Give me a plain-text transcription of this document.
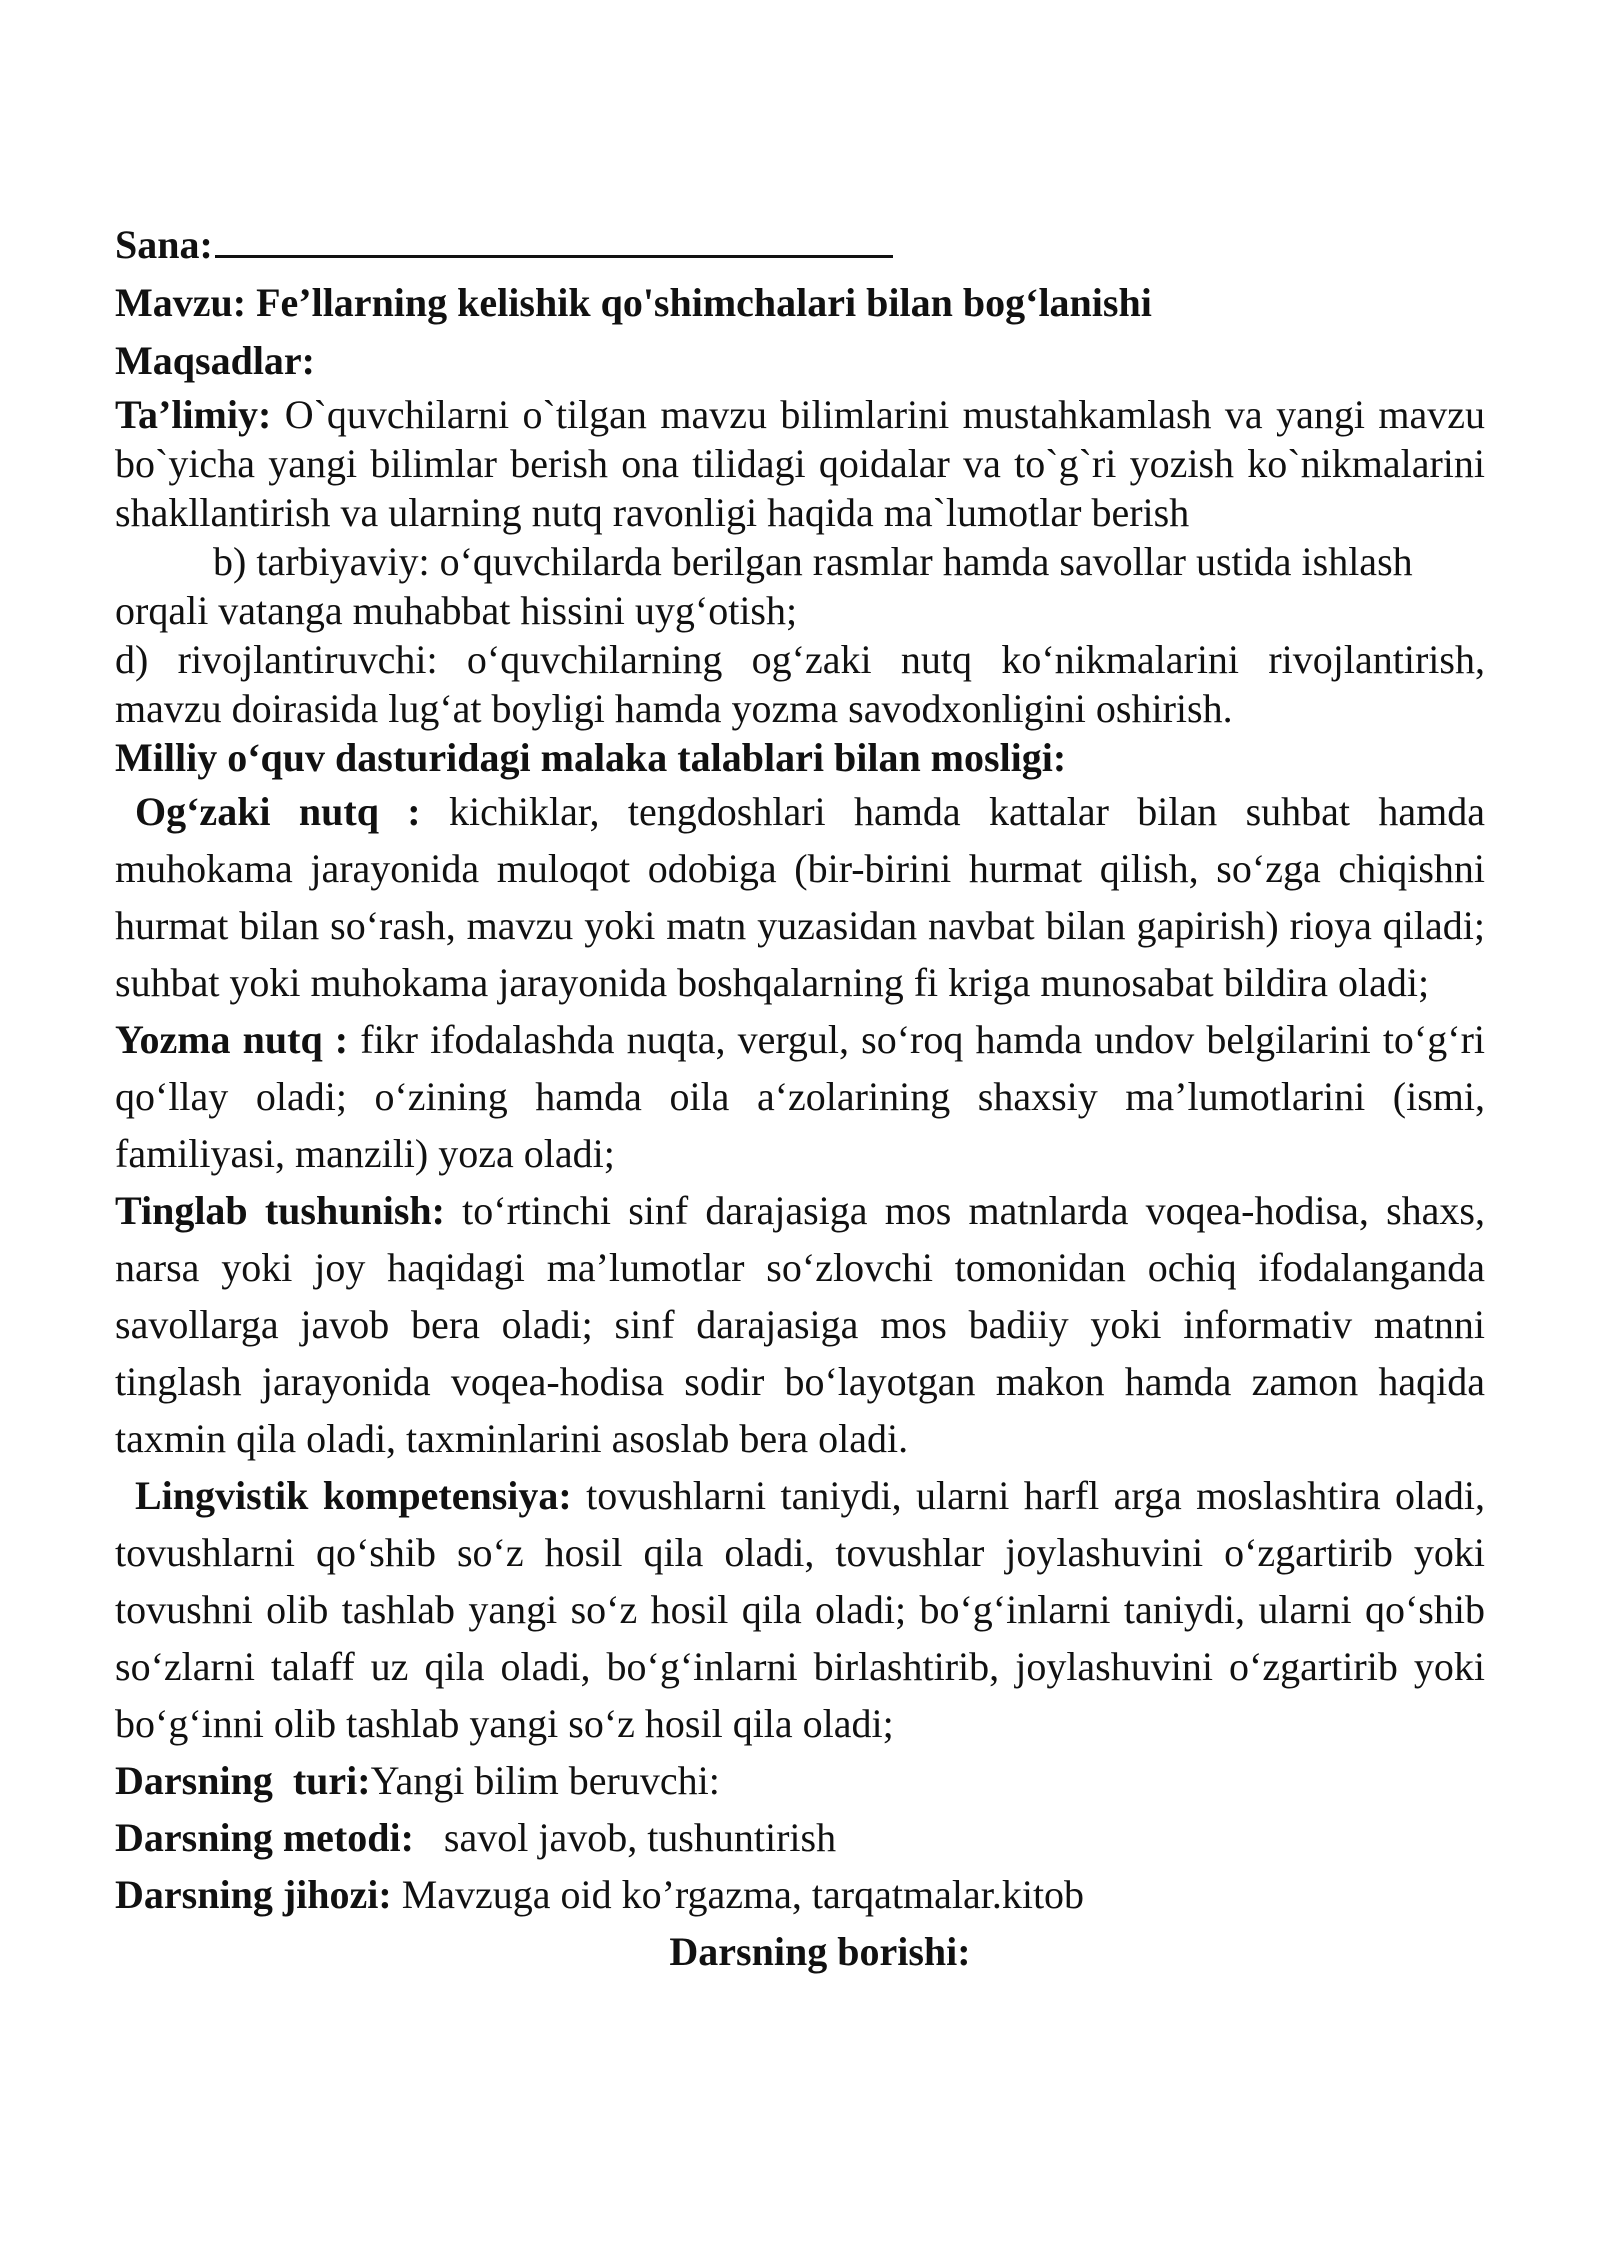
Sana:

Mavzu: Fe’llarning kelishik qo'shimchalari bilan bog‘lanishi

Maqsadlar:

Ta’limiy: O`quvchilarni o`tilgan mavzu bilimlarini mustahkamlash va yangi mavzu bo`yicha yangi bilimlar berish ona tilidagi qoidalar va to`g`ri yozish ko`nikmalarini shakllantirish va ularning nutq ravonligi haqida ma`lumotlar berish

b) tarbiyaviy: o‘quvchilarda berilgan rasmlar hamda savollar ustida ishlash orqali vatanga muhabbat hissini uyg‘otish;

d) rivojlantiruvchi: o‘quvchilarning og‘zaki nutq ko‘nikmalarini rivojlantirish, mavzu doirasida lug‘at boyligi hamda yozma savodxonligini oshirish.

Milliy o‘quv dasturidagi malaka talablari bilan mosligi:

Og‘zaki nutq : kichiklar, tengdoshlari hamda kattalar bilan suhbat hamda muhokama jarayonida muloqot odobiga (bir-birini hurmat qilish, so‘zga chiqishni hurmat bilan so‘rash, mavzu yoki matn yuzasidan navbat bilan gapirish) rioya qiladi; suhbat yoki muhokama jarayonida boshqalarning fi kriga munosabat bildira oladi;

Yozma nutq : fikr ifodalashda nuqta, vergul, so‘roq hamda undov belgilarini to‘g‘ri qo‘llay oladi; o‘zining hamda oila a‘zolarining shaxsiy ma’lumotlarini (ismi, familiyasi, manzili) yoza oladi;

Tinglab tushunish: to‘rtinchi sinf darajasiga mos matnlarda voqea-hodisa, shaxs, narsa yoki joy haqidagi ma’lumotlar so‘zlovchi tomonidan ochiq ifodalanganda savollarga javob bera oladi; sinf darajasiga mos badiiy yoki informativ matnni tinglash jarayonida voqea-hodisa sodir bo‘layotgan makon hamda zamon haqida taxmin qila oladi, taxminlarini asoslab bera oladi.

Lingvistik kompetensiya: tovushlarni taniydi, ularni harfl arga moslashtira oladi, tovushlarni qo‘shib so‘z hosil qila oladi, tovushlar joylashuvini o‘zgartirib yoki tovushni olib tashlab yangi so‘z hosil qila oladi; bo‘g‘inlarni taniydi, ularni qo‘shib so‘zlarni talaff uz qila oladi, bo‘g‘inlarni birlashtirib, joylashuvini o‘zgartirib yoki bo‘g‘inni olib tashlab yangi so‘z hosil qila oladi;

Darsning  turi:Yangi bilim beruvchi:

Darsning metodi:   savol javob, tushuntirish

Darsning jihozi: Mavzuga oid ko’rgazma, tarqatmalar.kitob

Darsning borishi:
